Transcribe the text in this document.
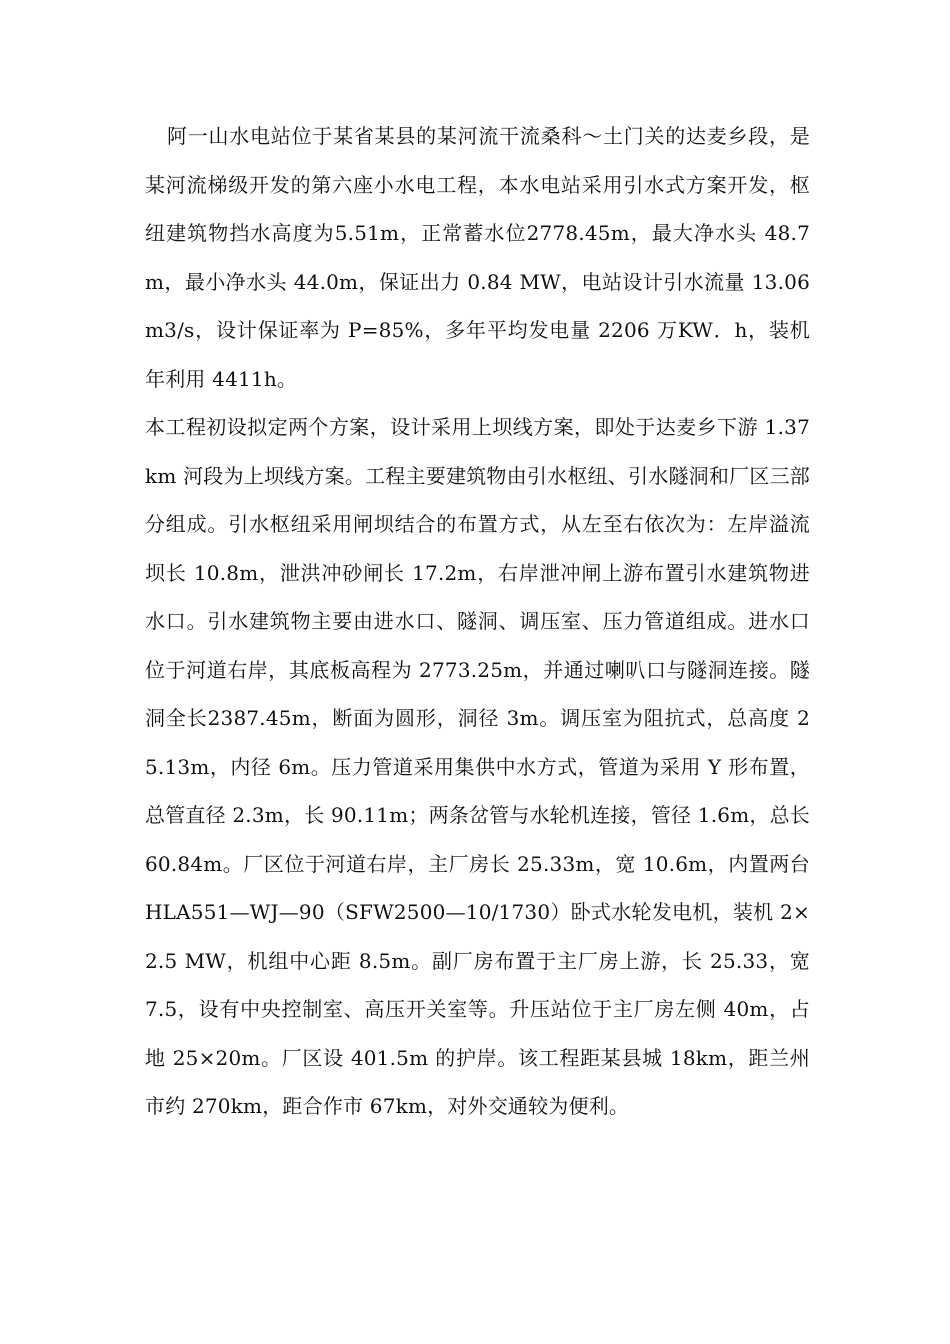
阿一山水电站位于某省某县的某河流干流桑科～土门关的达麦乡段，是某河流梯级开发的第六座小水电工程，本水电站采用引水式方案开发，枢纽建筑物挡水高度为5.51m，正常蓄水位2778.45m，最大净水头 48.7m，最小净水头 44.0m，保证出力 0.84 MW，电站设计引水流量 13.06m3/s，设计保证率为 P=85%，多年平均发电量 2206 万KW．h，装机年利用 4411h。

本工程初设拟定两个方案，设计采用上坝线方案，即处于达麦乡下游 1.37km 河段为上坝线方案。工程主要建筑物由引水枢纽、引水隧洞和厂区三部分组成。引水枢纽采用闸坝结合的布置方式，从左至右依次为：左岸溢流坝长 10.8m，泄洪冲砂闸长 17.2m，右岸泄冲闸上游布置引水建筑物进水口。引水建筑物主要由进水口、隧洞、调压室、压力管道组成。进水口位于河道右岸，其底板高程为 2773.25m，并通过喇叭口与隧洞连接。隧洞全长2387.45m，断面为圆形，洞径 3m。调压室为阻抗式，总高度 25.13m，内径 6m。压力管道采用集供中水方式，管道为采用 Y 形布置，总管直径 2.3m，长 90.11m；两条岔管与水轮机连接，管径 1.6m，总长 60.84m。厂区位于河道右岸，主厂房长 25.33m，宽 10.6m，内置两台 HLA551—WJ—90（SFW2500—10/1730）卧式水轮发电机，装机 2×2.5 MW，机组中心距 8.5m。副厂房布置于主厂房上游，长 25.33，宽 7.5，设有中央控制室、高压开关室等。升压站位于主厂房左侧 40m，占地 25×20m。厂区设 401.5m 的护岸。该工程距某县城 18km，距兰州市约 270km，距合作市 67km，对外交通较为便利。
